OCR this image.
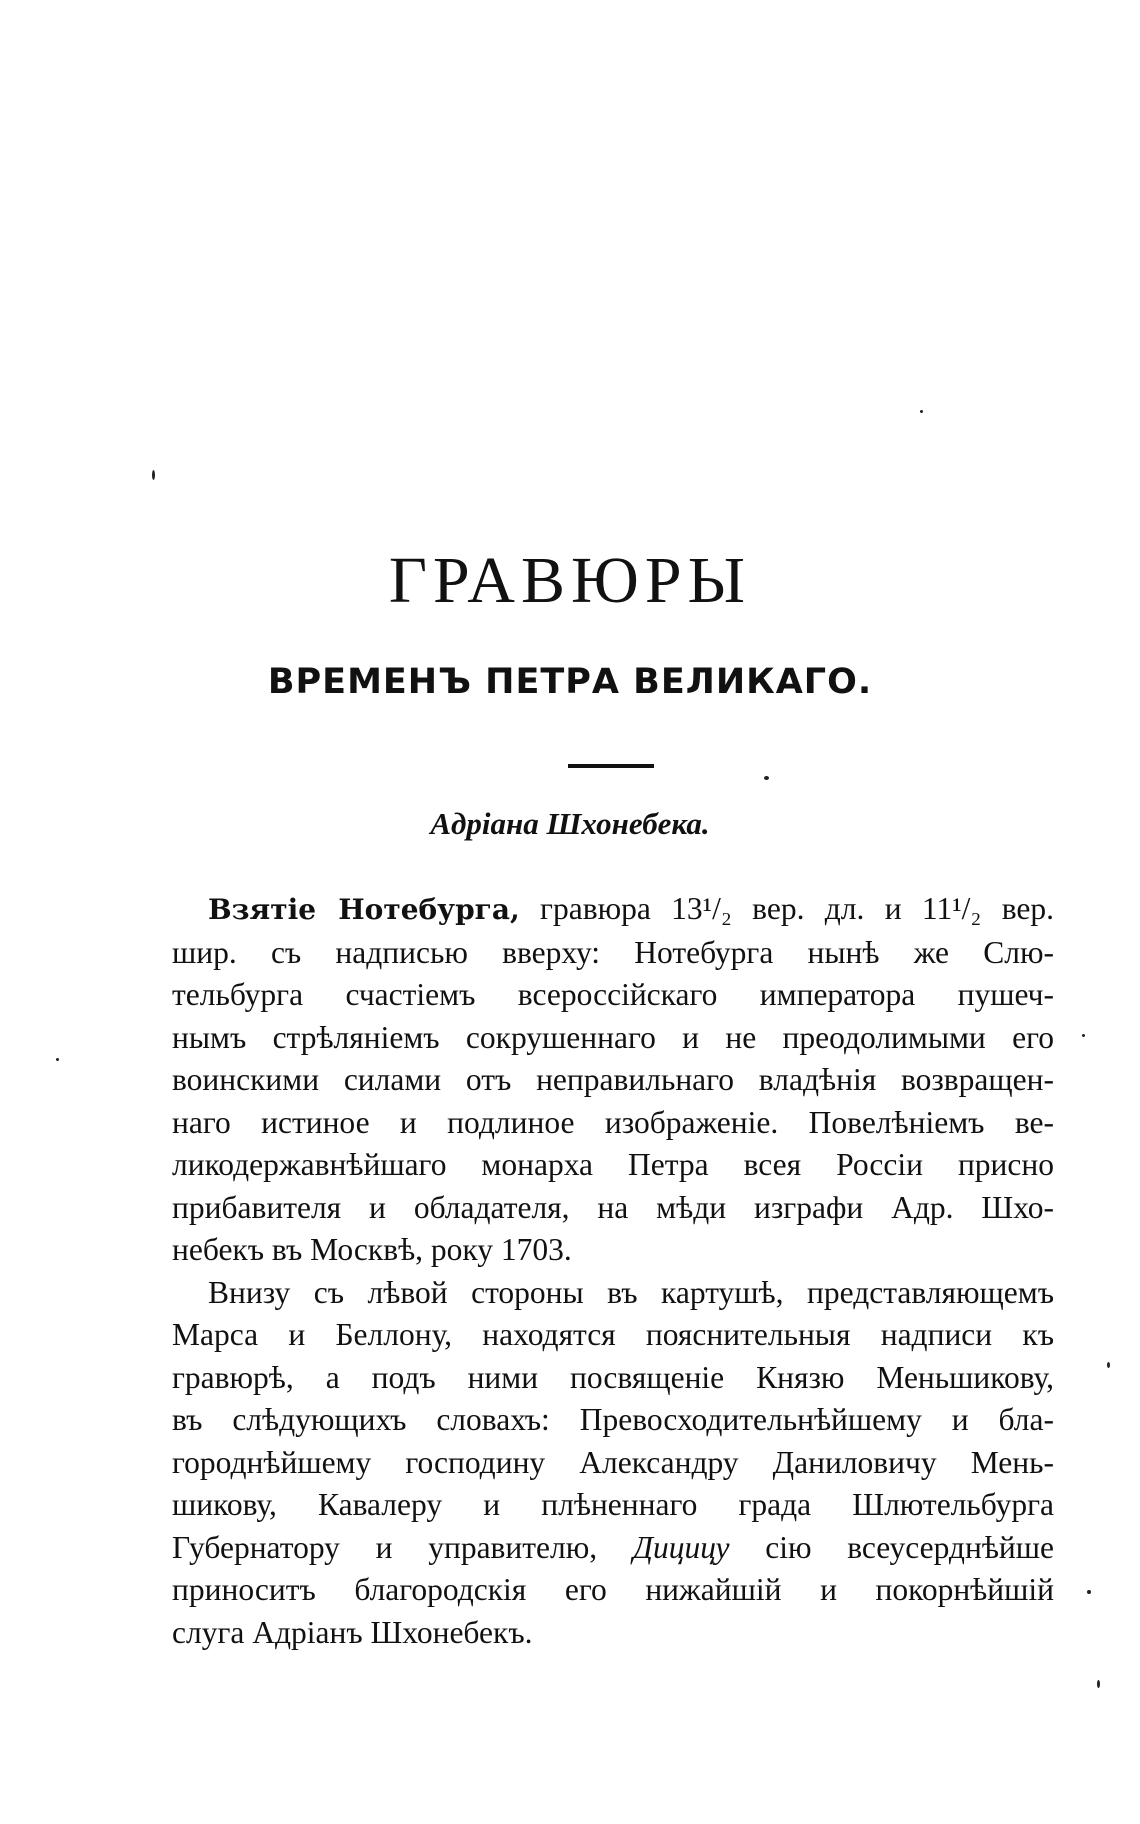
ГРАВЮРЫ
ВРЕМЕНЪ ПЕТРА ВЕЛИКАГО.
Адріана Шхонебека.
Взятіе Нотебурга, гравюра 13¹/₂ вер. дл. и 11¹/₂ вер.
шир. съ надписью вверху: Нотебурга нынѣ же Слю-
тельбурга счастіемъ всероссійскаго императора пушеч-
нымъ стрѣляніемъ сокрушеннаго и не преодолимыми его
воинскими силами отъ неправильнаго владѣнія возвращен-
наго истиное и подлиное изображеніе. Повелѣніемъ ве-
ликодержавнѣйшаго монарха Петра всея Россіи присно
прибавителя и обладателя, на мѣди изграфи Адр. Шхо-
небекъ въ Москвѣ, року 1703.
Внизу съ лѣвой стороны въ картушѣ, представляющемъ
Марса и Беллону, находятся пояснительныя надписи къ
гравюрѣ, а подъ ними посвященіе Князю Меньшикову,
въ слѣдующихъ словахъ: Превосходительнѣйшему и бла-
городнѣйшему господину Александру Даниловичу Мень-
шикову, Кавалеру и плѣненнаго града Шлютельбурга
Губернатору и управителю, Дицицу сію всеусерднѣйше
приноситъ благородскія его нижайшій и покорнѣйшій
слуга Адріанъ Шхонебекъ.
